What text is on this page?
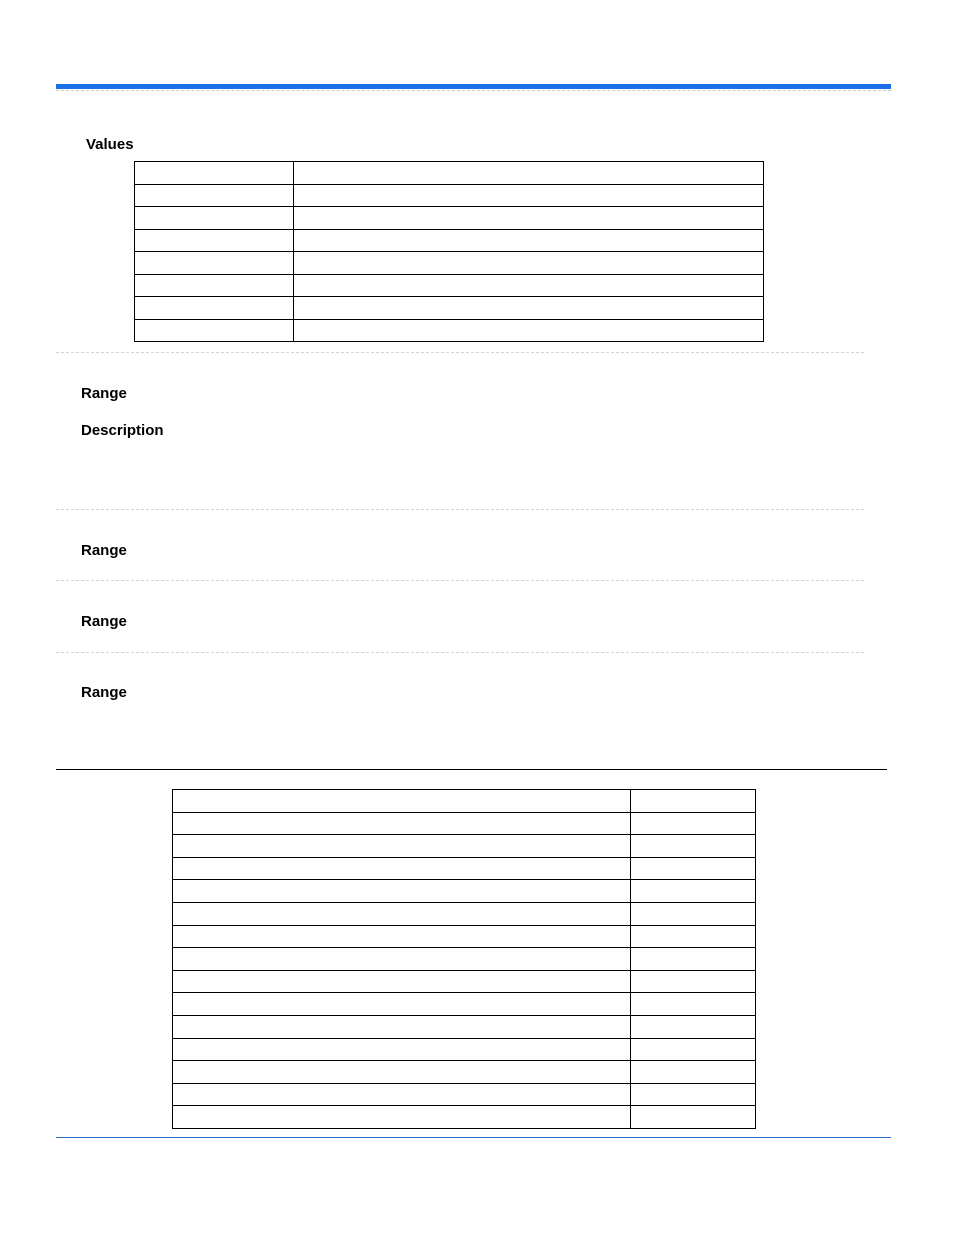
Values

Range
Description
Range
Range
Range
